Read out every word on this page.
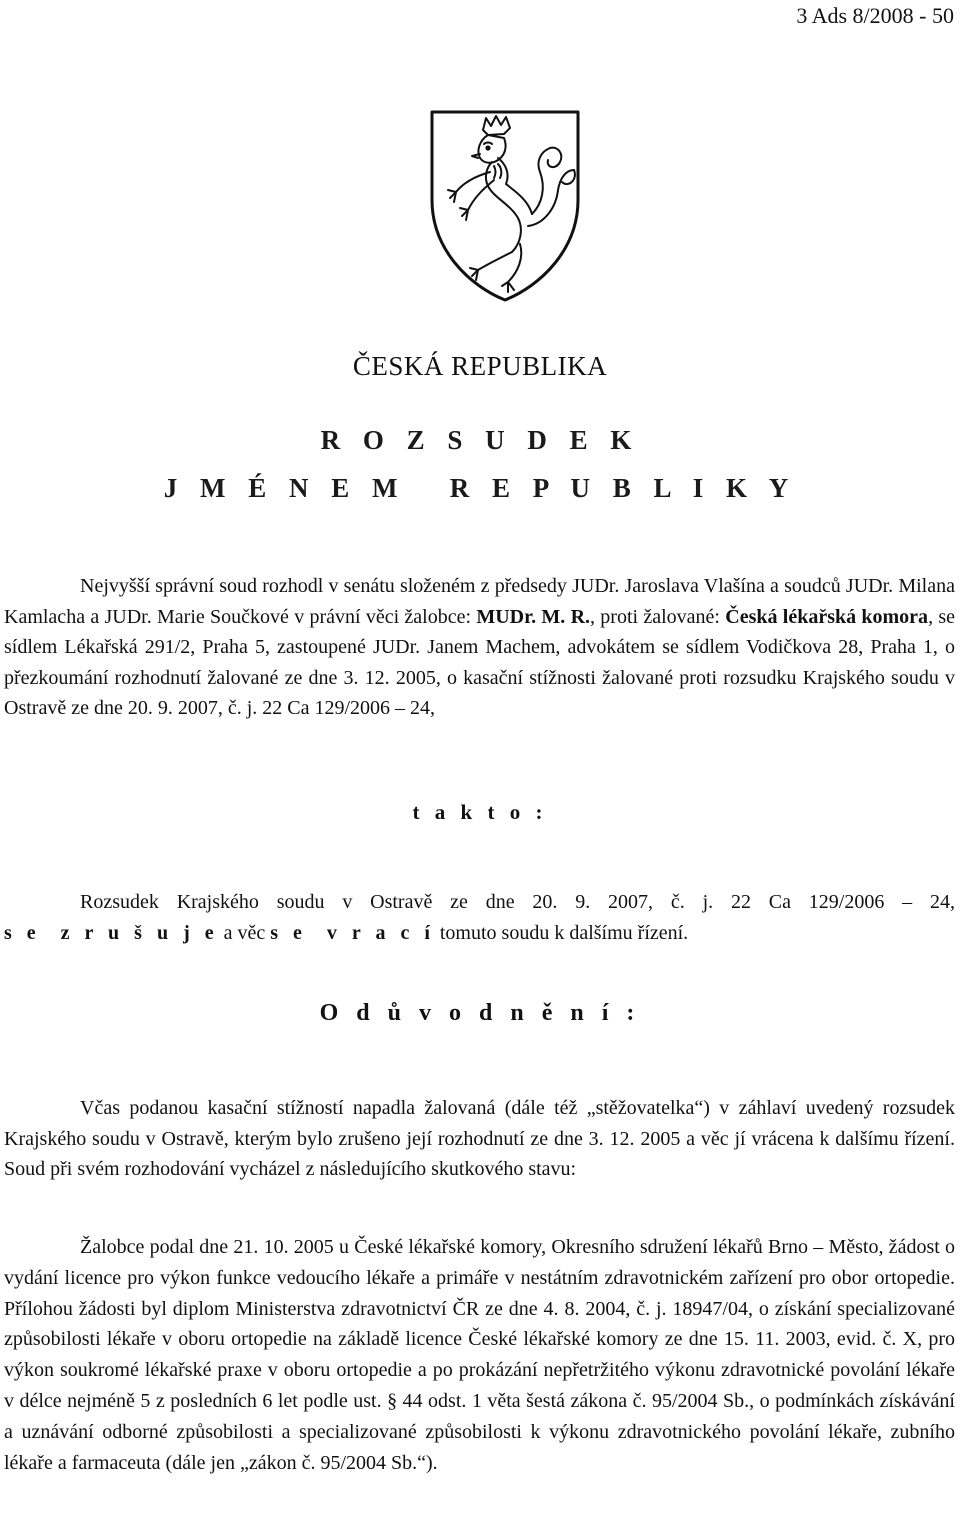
3 Ads 8/2008 - 50
ČESKÁ REPUBLIKA
R O Z S U D E K
J M É N E M   R E P U B L I K Y

Nejvyšší správní soud rozhodl v senátu složeném z předsedy JUDr. Jaroslava Vlašína a soudců JUDr. Milana Kamlacha a JUDr. Marie Součkové v právní věci žalobce: MUDr. M. R., proti žalované: Česká lékařská komora, se sídlem Lékařská 291/2, Praha 5, zastoupené JUDr. Janem Machem, advokátem se sídlem Vodičkova 28, Praha 1, o přezkoumání rozhodnutí žalované ze dne 3. 12. 2005, o kasační stížnosti žalované proti rozsudku Krajského soudu v Ostravě ze dne 20. 9. 2007, č. j. 22 Ca 129/2006 – 24,

t a k t o :

Rozsudek Krajského soudu v Ostravě ze dne 20. 9. 2007, č. j. 22 Ca 129/2006 – 24, s e  z r u š u j e a věc s e  v r a c í tomuto soudu k dalšímu řízení.

O d ů v o d n ě n í :

Včas podanou kasační stížností napadla žalovaná (dále též „stěžovatelka“) v záhlaví uvedený rozsudek Krajského soudu v Ostravě, kterým bylo zrušeno její rozhodnutí ze dne 3. 12. 2005 a věc jí vrácena k dalšímu řízení. Soud při svém rozhodování vycházel z následujícího skutkového stavu:

Žalobce podal dne 21. 10. 2005 u České lékařské komory, Okresního sdružení lékařů Brno – Město, žádost o vydání licence pro výkon funkce vedoucího lékaře a primáře v nestátním zdravotnickém zařízení pro obor ortopedie. Přílohou žádosti byl diplom Ministerstva zdravotnictví ČR ze dne 4. 8. 2004, č. j. 18947/04, o získání specializované způsobilosti lékaře v oboru ortopedie na základě licence České lékařské komory ze dne 15. 11. 2003, evid. č. X, pro výkon soukromé lékařské praxe v oboru ortopedie a po prokázání nepřetržitého výkonu zdravotnické povolání lékaře v délce nejméně 5 z posledních 6 let podle ust. § 44 odst. 1 věta šestá zákona č. 95/2004 Sb., o podmínkách získávání a uznávání odborné způsobilosti a specializované způsobilosti k výkonu zdravotnického povolání lékaře, zubního lékaře a farmaceuta (dále jen „zákon č. 95/2004 Sb.“).
